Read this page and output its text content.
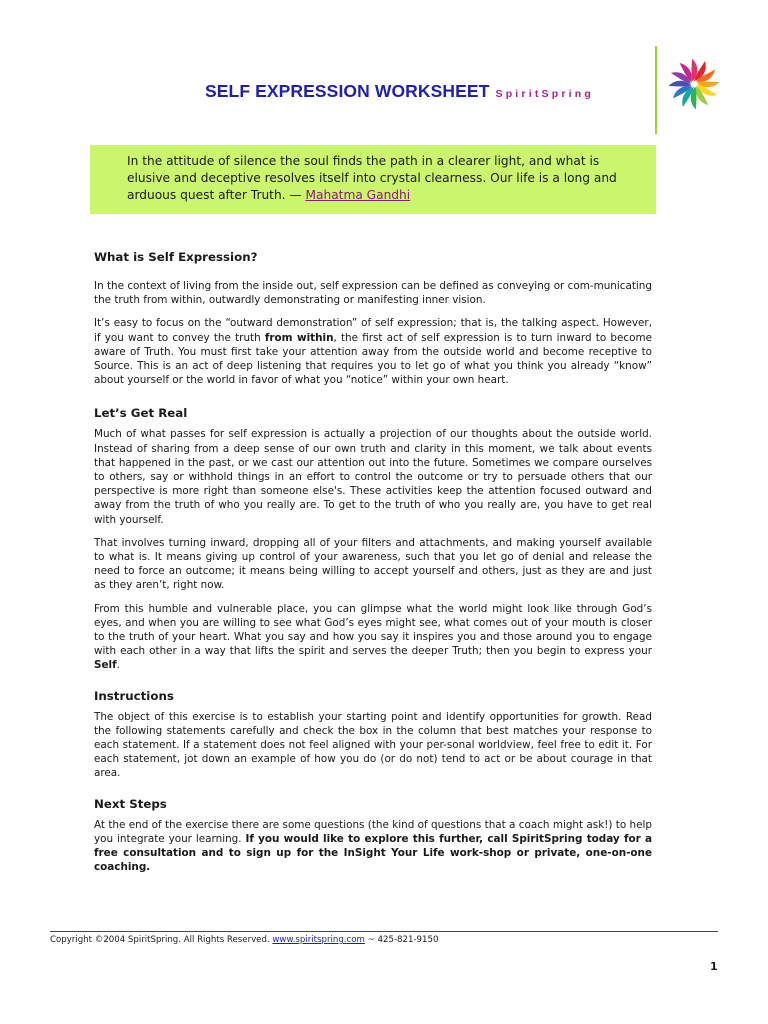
SELF EXPRESSION WORKSHEET SpiritSpring
In the attitude of silence the soul finds the path in a clearer light, and what is elusive and deceptive resolves itself into crystal clearness. Our life is a long and arduous quest after Truth. — Mahatma Gandhi
What is Self Expression?

In the context of living from the inside out, self expression can be defined as conveying or com-municating the truth from within, outwardly demonstrating or manifesting inner vision.

It’s easy to focus on the “outward demonstration” of self expression; that is, the talking aspect. However, if you want to convey the truth from within, the first act of self expression is to turn inward to become aware of Truth. You must first take your attention away from the outside world and become receptive to Source. This is an act of deep listening that requires you to let go of what you think you already “know” about yourself or the world in favor of what you “notice” within your own heart.

Let’s Get Real

Much of what passes for self expression is actually a projection of our thoughts about the outside world. Instead of sharing from a deep sense of our own truth and clarity in this moment, we talk about events that happened in the past, or we cast our attention out into the future. Sometimes we compare ourselves to others, say or withhold things in an effort to control the outcome or try to persuade others that our perspective is more right than someone else's. These activities keep the attention focused outward and away from the truth of who you really are. To get to the truth of who you really are, you have to get real with yourself.

That involves turning inward, dropping all of your filters and attachments, and making yourself available to what is. It means giving up control of your awareness, such that you let go of denial and release the need to force an outcome; it means being willing to accept yourself and others, just as they are and just as they aren’t, right now.

From this humble and vulnerable place, you can glimpse what the world might look like through God’s eyes, and when you are willing to see what God’s eyes might see, what comes out of your mouth is closer to the truth of your heart. What you say and how you say it inspires you and those around you to engage with each other in a way that lifts the spirit and serves the deeper Truth; then you begin to express your Self.

Instructions

The object of this exercise is to establish your starting point and identify opportunities for growth. Read the following statements carefully and check the box in the column that best matches your response to each statement. If a statement does not feel aligned with your per-sonal worldview, feel free to edit it. For each statement, jot down an example of how you do (or do not) tend to act or be about courage in that area.

Next Steps

At the end of the exercise there are some questions (the kind of questions that a coach might ask!) to help you integrate your learning. If you would like to explore this further, call SpiritSpring today for a free consultation and to sign up for the InSight Your Life work-shop or private, one-on-one coaching.

Copyright ©2004 SpiritSpring. All Rights Reserved. www.spiritspring.com ~ 425-821-9150
1
